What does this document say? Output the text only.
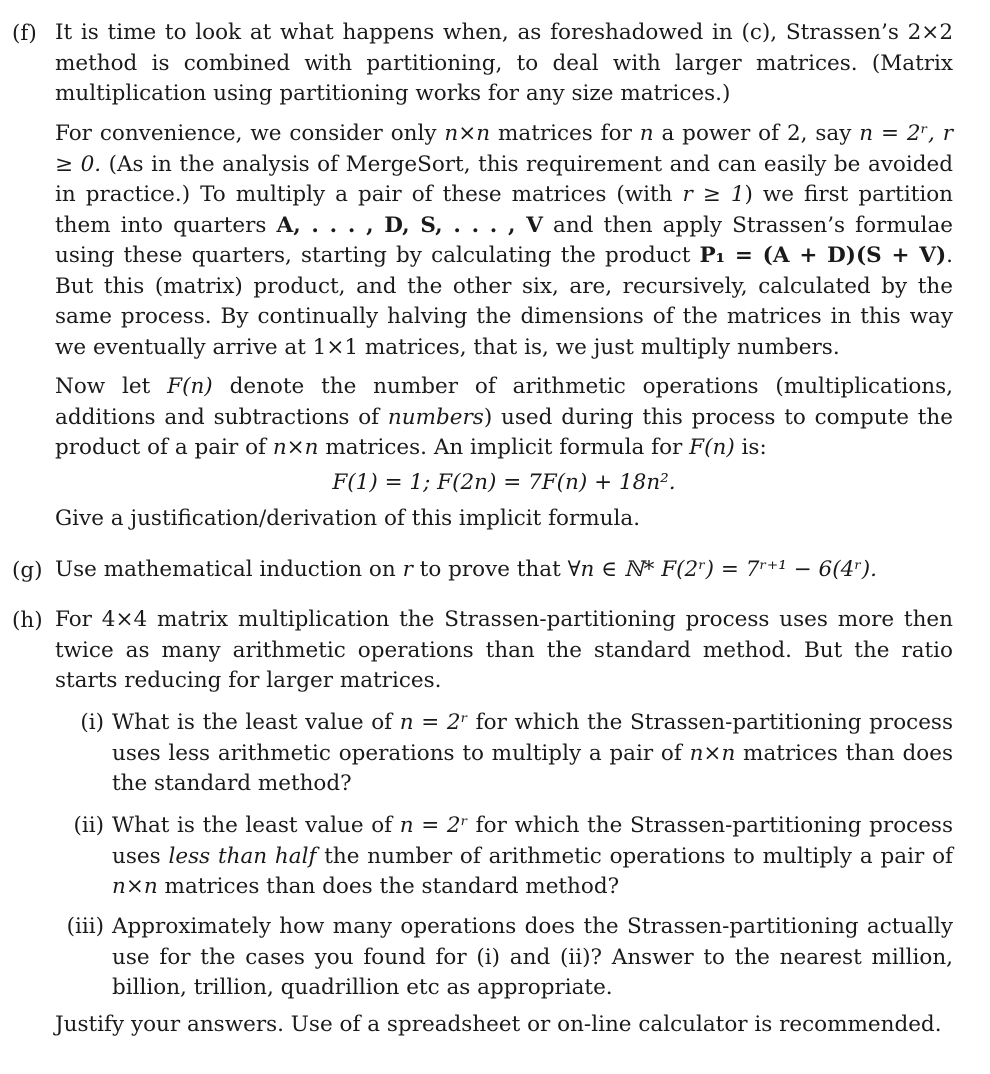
(f) It is time to look at what happens when, as foreshadowed in (c), Strassen’s 2×2 method is combined with partitioning, to deal with larger matrices. (Matrix multiplication using partitioning works for any size matrices.)
For convenience, we consider only n×n matrices for n a power of 2, say n = 2ʳ, r ≥ 0. (As in the analysis of MergeSort, this requirement and can easily be avoided in practice.) To multiply a pair of these matrices (with r ≥ 1) we first partition them into quarters A, . . . , D, S, . . . , V and then apply Strassen’s formulae using these quarters, starting by calculating the product P₁ = (A + D)(S + V). But this (matrix) product, and the other six, are, recursively, calculated by the same process. By continually halving the dimensions of the matrices in this way we eventually arrive at 1×1 matrices, that is, we just multiply numbers.
Now let F(n) denote the number of arithmetic operations (multiplications, additions and subtractions of numbers) used during this process to compute the product of a pair of n×n matrices. An implicit formula for F(n) is:
F(1) = 1; F(2n) = 7F(n) + 18n².
Give a justification/derivation of this implicit formula.
(g) Use mathematical induction on r to prove that ∀n ∈ ℕ* F(2ʳ) = 7ʳ⁺¹ − 6(4ʳ).
(h) For 4×4 matrix multiplication the Strassen-partitioning process uses more then twice as many arithmetic operations than the standard method. But the ratio starts reducing for larger matrices.
(i) What is the least value of n = 2ʳ for which the Strassen-partitioning process uses less arithmetic operations to multiply a pair of n×n matrices than does the standard method?
(ii) What is the least value of n = 2ʳ for which the Strassen-partitioning process uses less than half the number of arithmetic operations to multiply a pair of n×n matrices than does the standard method?
(iii) Approximately how many operations does the Strassen-partitioning actually use for the cases you found for (i) and (ii)? Answer to the nearest million, billion, trillion, quadrillion etc as appropriate.
Justify your answers. Use of a spreadsheet or on-line calculator is recommended.
